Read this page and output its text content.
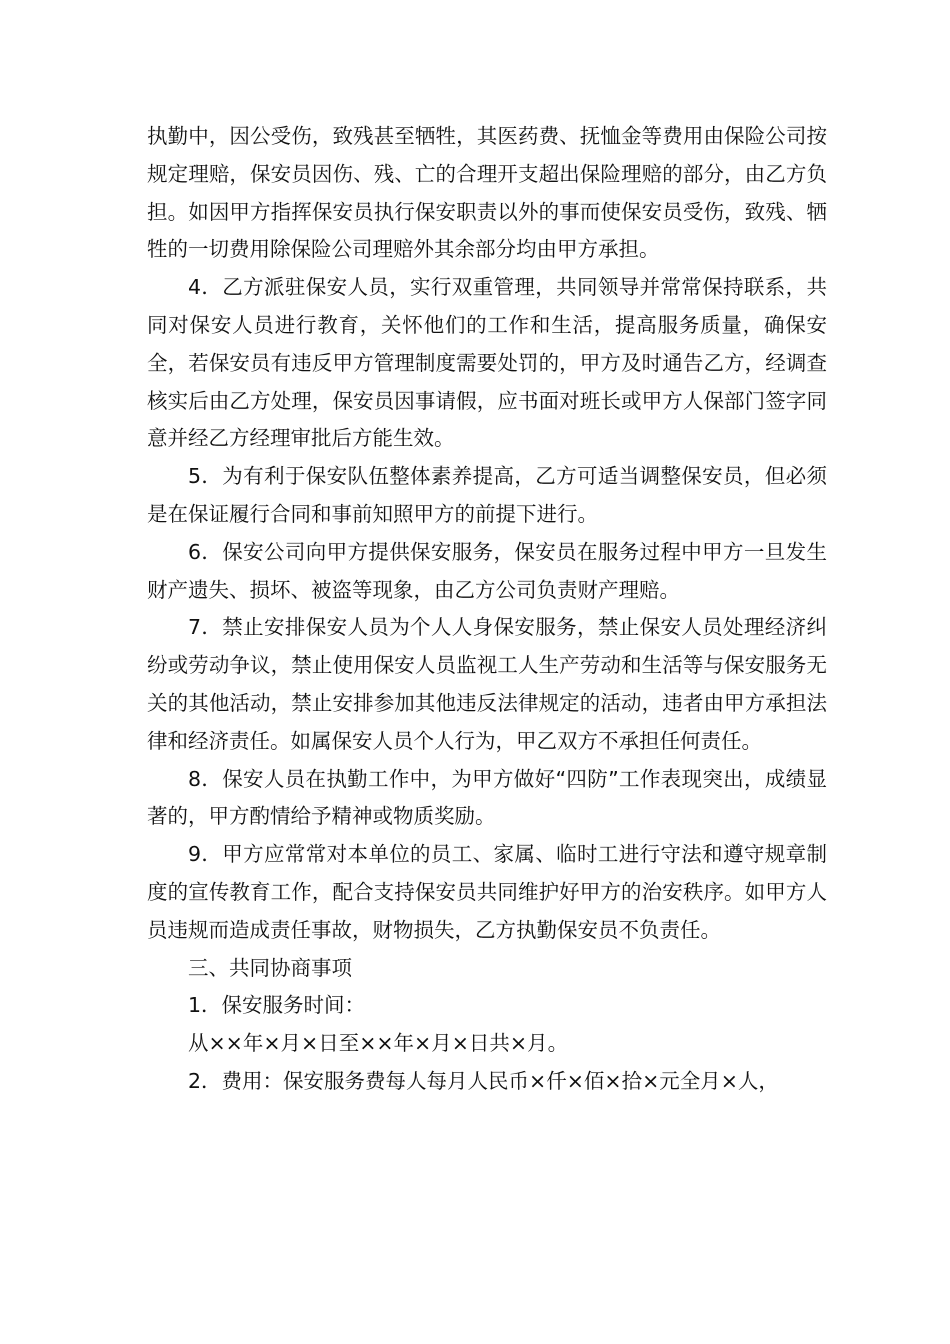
执勤中，因公受伤，致残甚至牺牲，其医药费、抚恤金等费用由保险公司按规定理赔，保安员因伤、残、亡的合理开支超出保险理赔的部分，由乙方负担。如因甲方指挥保安员执行保安职责以外的事而使保安员受伤，致残、牺牲的一切费用除保险公司理赔外其余部分均由甲方承担。

4．乙方派驻保安人员，实行双重管理，共同领导并常常保持联系，共同对保安人员进行教育，关怀他们的工作和生活，提高服务质量，确保安全，若保安员有违反甲方管理制度需要处罚的，甲方及时通告乙方，经调查核实后由乙方处理，保安员因事请假，应书面对班长或甲方人保部门签字同意并经乙方经理审批后方能生效。

5．为有利于保安队伍整体素养提高，乙方可适当调整保安员，但必须是在保证履行合同和事前知照甲方的前提下进行。

6．保安公司向甲方提供保安服务，保安员在服务过程中甲方一旦发生财产遗失、损坏、被盗等现象，由乙方公司负责财产理赔。

7．禁止安排保安人员为个人人身保安服务，禁止保安人员处理经济纠纷或劳动争议，禁止使用保安人员监视工人生产劳动和生活等与保安服务无关的其他活动，禁止安排参加其他违反法律规定的活动，违者由甲方承担法律和经济责任。如属保安人员个人行为，甲乙双方不承担任何责任。

8．保安人员在执勤工作中，为甲方做好“四防”工作表现突出，成绩显著的，甲方酌情给予精神或物质奖励。

9．甲方应常常对本单位的员工、家属、临时工进行守法和遵守规章制度的宣传教育工作，配合支持保安员共同维护好甲方的治安秩序。如甲方人员违规而造成责任事故，财物损失，乙方执勤保安员不负责任。

三、共同协商事项

1．保安服务时间：

从××年×月×日至××年×月×日共×月。

2．费用：保安服务费每人每月人民币×仟×佰×拾×元全月×人，
